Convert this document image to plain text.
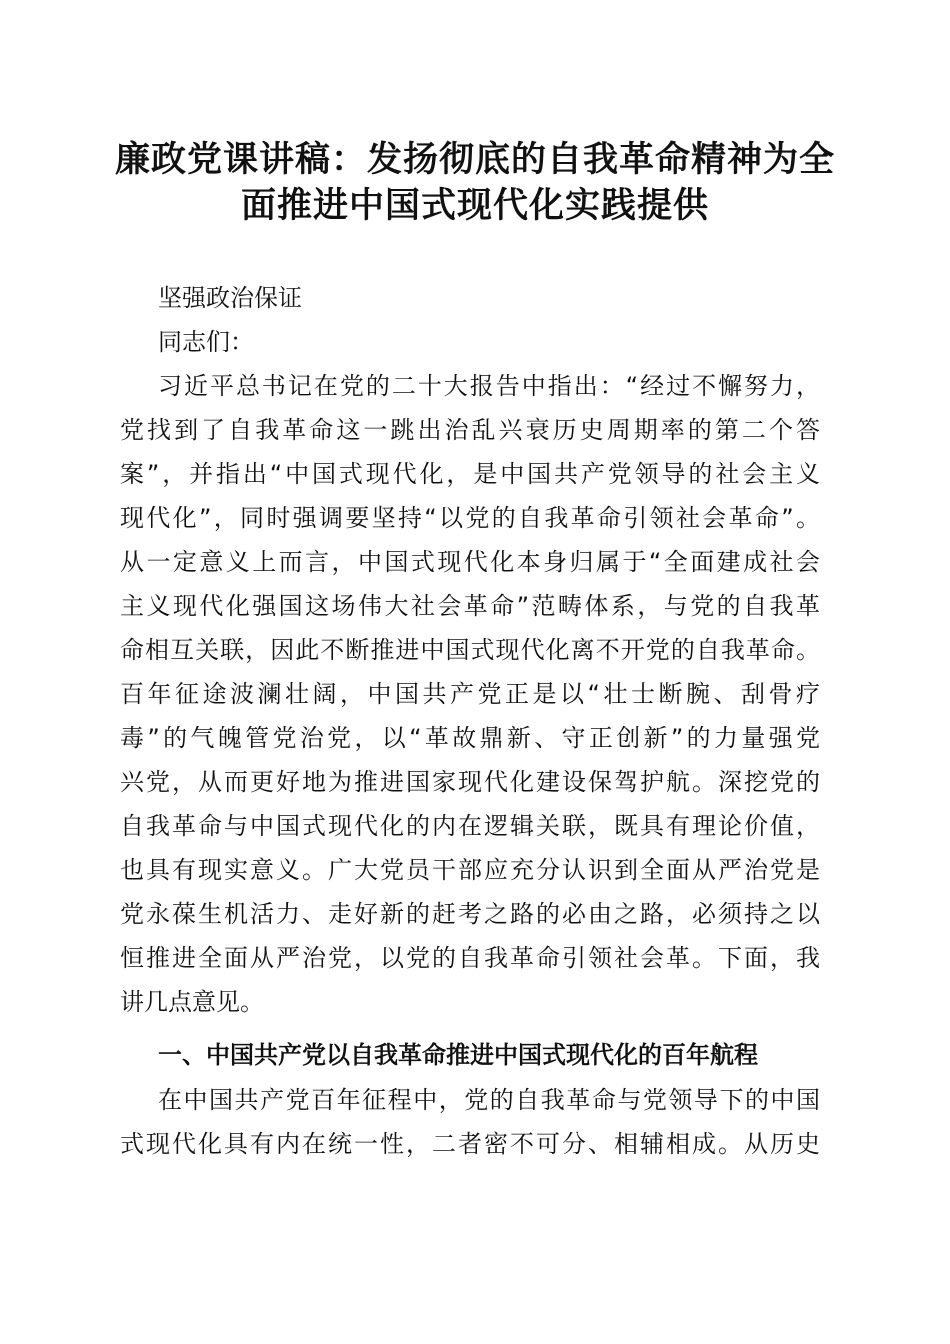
廉政党课讲稿：发扬彻底的自我革命精神为全
面推进中国式现代化实践提供
坚强政治保证
同志们：
习近平总书记在党的二十大报告中指出：“经过不懈努力，
党找到了自我革命这一跳出治乱兴衰历史周期率的第二个答
案”，并指出“中国式现代化，是中国共产党领导的社会主义
现代化”，同时强调要坚持“以党的自我革命引领社会革命”。
从一定意义上而言，中国式现代化本身归属于“全面建成社会
主义现代化强国这场伟大社会革命”范畴体系，与党的自我革
命相互关联，因此不断推进中国式现代化离不开党的自我革命。
百年征途波澜壮阔，中国共产党正是以“壮士断腕、刮骨疗
毒”的气魄管党治党，以“革故鼎新、守正创新”的力量强党
兴党，从而更好地为推进国家现代化建设保驾护航。深挖党的
自我革命与中国式现代化的内在逻辑关联，既具有理论价值，
也具有现实意义。广大党员干部应充分认识到全面从严治党是
党永葆生机活力、走好新的赶考之路的必由之路，必须持之以
恒推进全面从严治党，以党的自我革命引领社会革。下面，我
讲几点意见。
一、中国共产党以自我革命推进中国式现代化的百年航程
在中国共产党百年征程中，党的自我革命与党领导下的中国
式现代化具有内在统一性，二者密不可分、相辅相成。从历史
